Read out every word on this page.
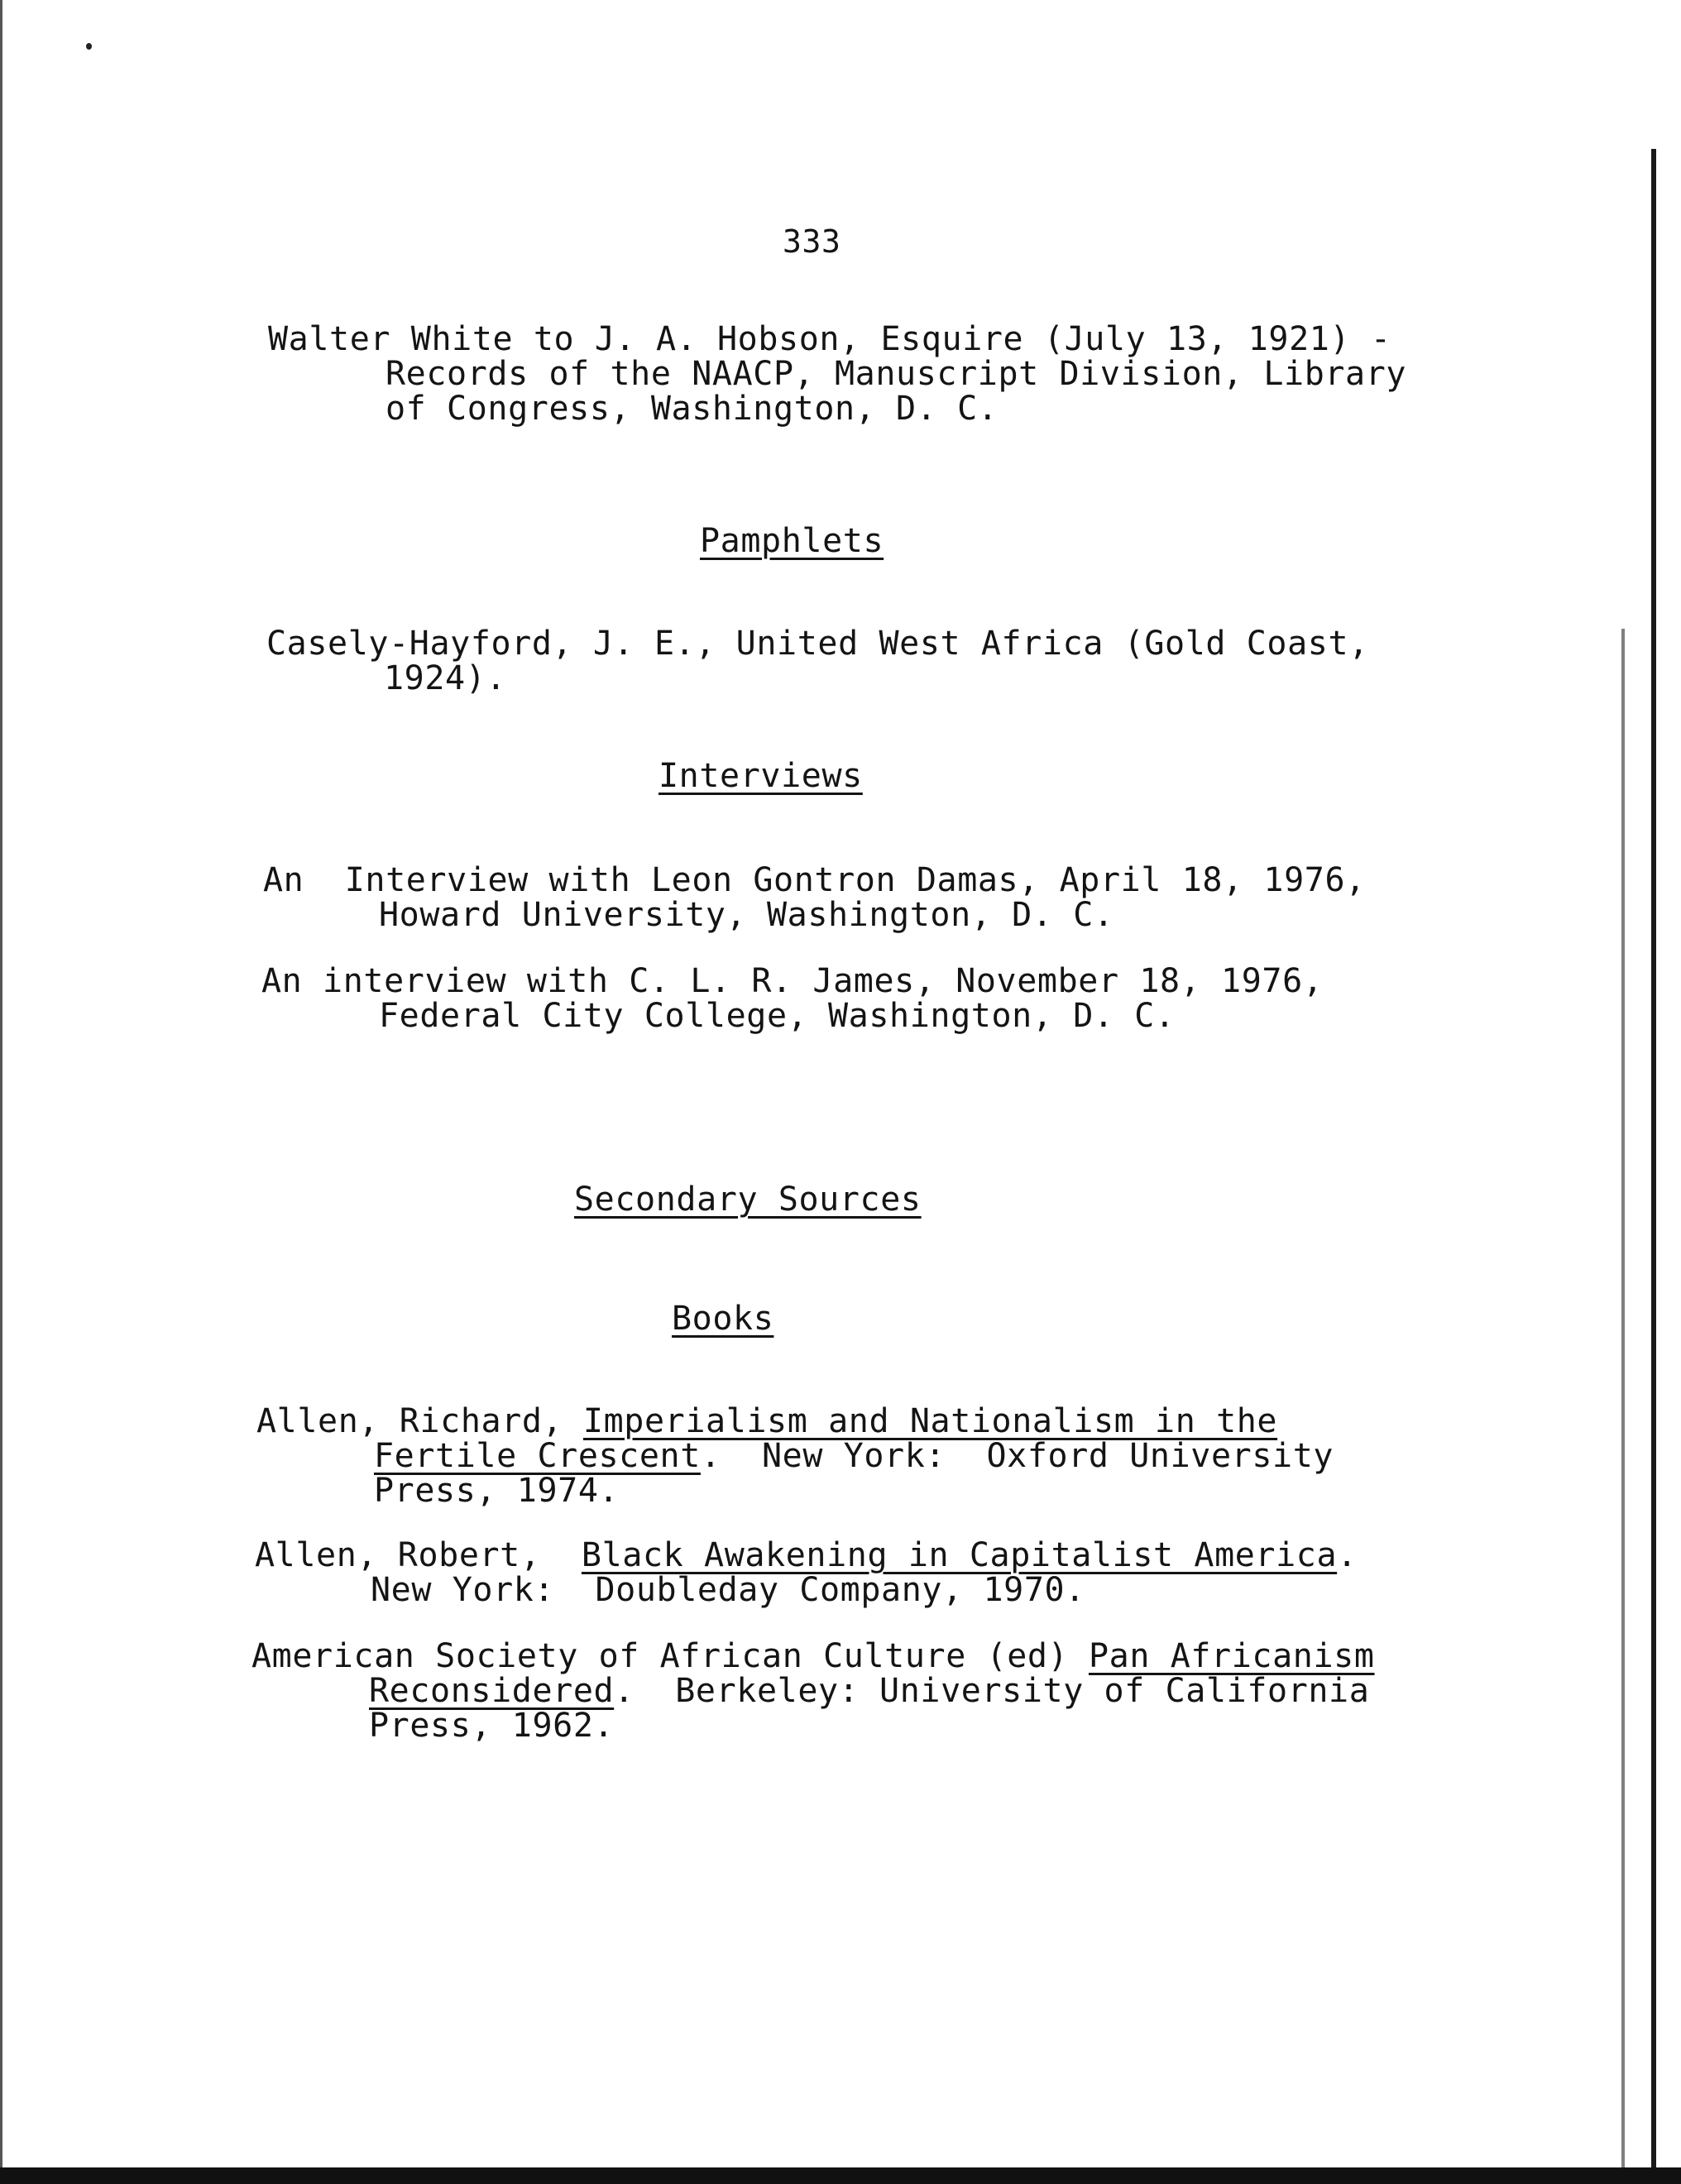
333
Walter White to J. A. Hobson, Esquire (July 13, 1921) -
Records of the NAACP, Manuscript Division, Library
of Congress, Washington, D. C.
Pamphlets
Casely-Hayford, J. E., United West Africa (Gold Coast,
1924).
Interviews
An  Interview with Leon Gontron Damas, April 18, 1976,
Howard University, Washington, D. C.
An interview with C. L. R. James, November 18, 1976,
Federal City College, Washington, D. C.
Secondary Sources
Books
Allen, Richard, Imperialism and Nationalism in the
Fertile Crescent.  New York:  Oxford University
Press, 1974.
Allen, Robert,  Black Awakening in Capitalist America.
New York:  Doubleday Company, 1970.
American Society of African Culture (ed) Pan Africanism
Reconsidered.  Berkeley: University of California
Press, 1962.
